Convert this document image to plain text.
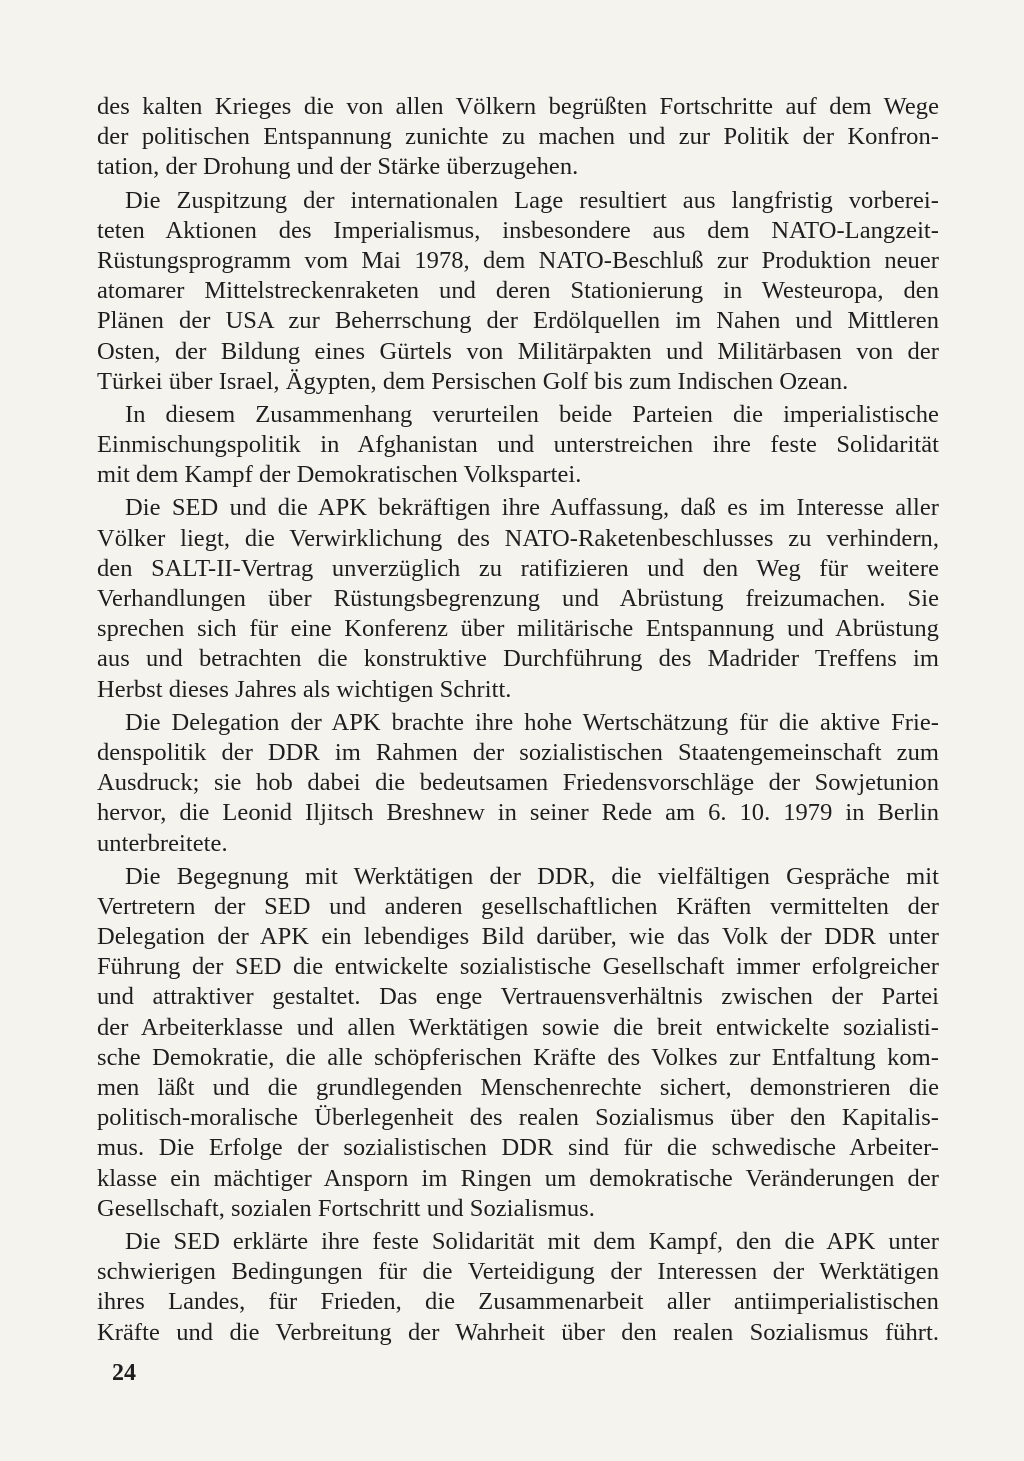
des kalten Krieges die von allen Völkern begrüßten Fortschritte auf dem Wege
der politischen Entspannung zunichte zu machen und zur Politik der Konfron-
tation, der Drohung und der Stärke überzugehen.
Die Zuspitzung der internationalen Lage resultiert aus langfristig vorberei-
teten Aktionen des Imperialismus, insbesondere aus dem NATO-Langzeit-
Rüstungsprogramm vom Mai 1978, dem NATO-Beschluß zur Produktion neuer
atomarer Mittelstreckenraketen und deren Stationierung in Westeuropa, den
Plänen der USA zur Beherrschung der Erdölquellen im Nahen und Mittleren
Osten, der Bildung eines Gürtels von Militärpakten und Militärbasen von der
Türkei über Israel, Ägypten, dem Persischen Golf bis zum Indischen Ozean.
In diesem Zusammenhang verurteilen beide Parteien die imperialistische
Einmischungspolitik in Afghanistan und unterstreichen ihre feste Solidarität
mit dem Kampf der Demokratischen Volkspartei.
Die SED und die APK bekräftigen ihre Auffassung, daß es im Interesse aller
Völker liegt, die Verwirklichung des NATO-Raketenbeschlusses zu verhindern,
den SALT-II-Vertrag unverzüglich zu ratifizieren und den Weg für weitere
Verhandlungen über Rüstungsbegrenzung und Abrüstung freizumachen. Sie
sprechen sich für eine Konferenz über militärische Entspannung und Abrüstung
aus und betrachten die konstruktive Durchführung des Madrider Treffens im
Herbst dieses Jahres als wichtigen Schritt.
Die Delegation der APK brachte ihre hohe Wertschätzung für die aktive Frie-
denspolitik der DDR im Rahmen der sozialistischen Staatengemeinschaft zum
Ausdruck; sie hob dabei die bedeutsamen Friedensvorschläge der Sowjetunion
hervor, die Leonid Iljitsch Breshnew in seiner Rede am 6. 10. 1979 in Berlin
unterbreitete.
Die Begegnung mit Werktätigen der DDR, die vielfältigen Gespräche mit
Vertretern der SED und anderen gesellschaftlichen Kräften vermittelten der
Delegation der APK ein lebendiges Bild darüber, wie das Volk der DDR unter
Führung der SED die entwickelte sozialistische Gesellschaft immer erfolgreicher
und attraktiver gestaltet. Das enge Vertrauensverhältnis zwischen der Partei
der Arbeiterklasse und allen Werktätigen sowie die breit entwickelte sozialisti-
sche Demokratie, die alle schöpferischen Kräfte des Volkes zur Entfaltung kom-
men läßt und die grundlegenden Menschenrechte sichert, demonstrieren die
politisch-moralische Überlegenheit des realen Sozialismus über den Kapitalis-
mus. Die Erfolge der sozialistischen DDR sind für die schwedische Arbeiter-
klasse ein mächtiger Ansporn im Ringen um demokratische Veränderungen der
Gesellschaft, sozialen Fortschritt und Sozialismus.
Die SED erklärte ihre feste Solidarität mit dem Kampf, den die APK unter
schwierigen Bedingungen für die Verteidigung der Interessen der Werktätigen
ihres Landes, für Frieden, die Zusammenarbeit aller antiimperialistischen
Kräfte und die Verbreitung der Wahrheit über den realen Sozialismus führt.
24
